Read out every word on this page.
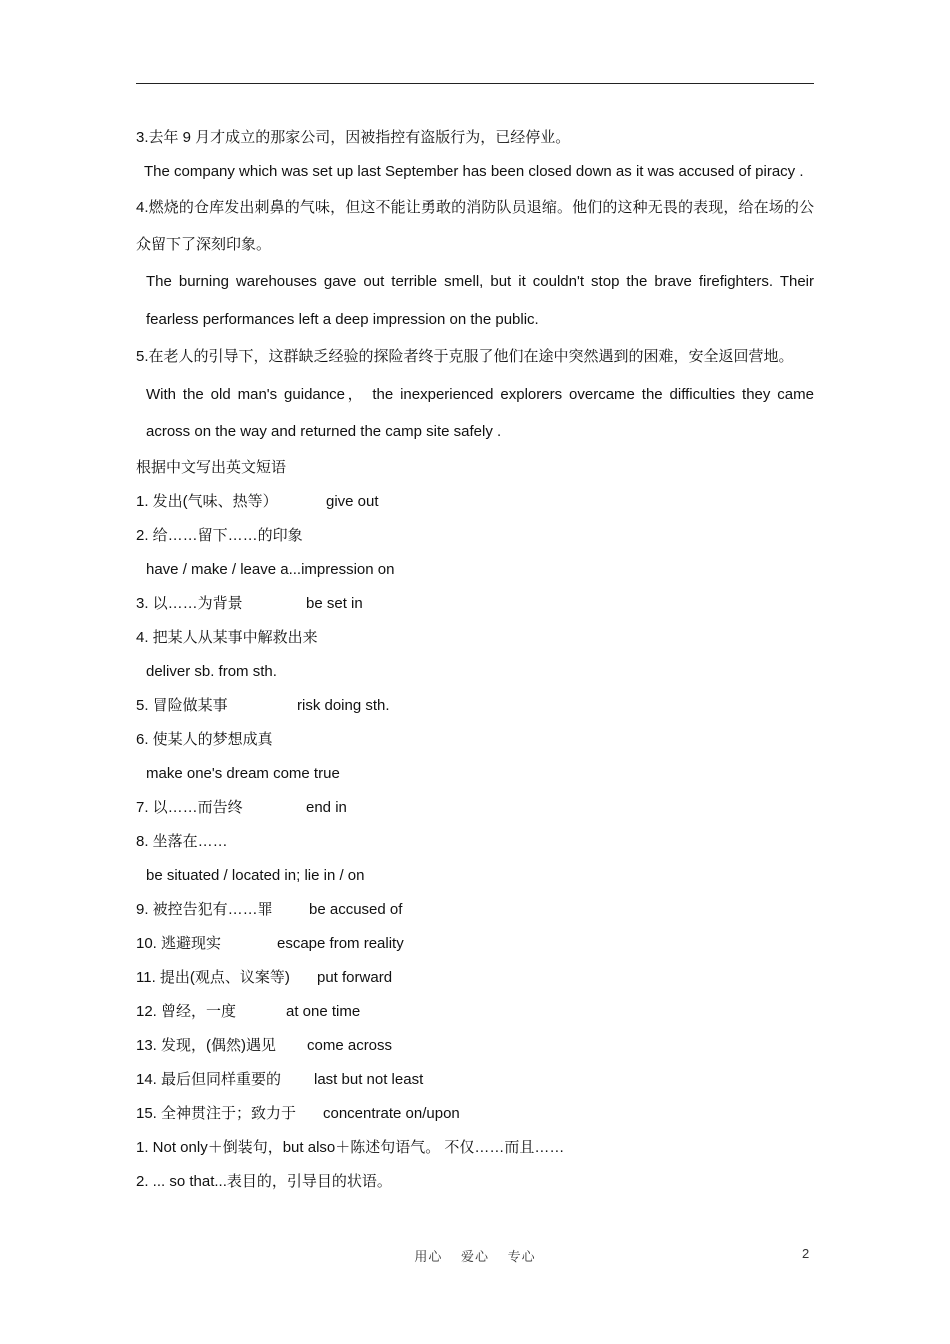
3.去年 9 月才成立的那家公司，因被指控有盗版行为，已经停业。
The company which was set up last September has been closed down as it was accused of piracy .
4.燃烧的仓库发出刺鼻的气味，但这不能让勇敢的消防队员退缩。他们的这种无畏的表现，给在场的公众留下了深刻印象。
The burning warehouses gave out terrible smell, but it couldn't stop the brave firefighters. Their fearless performances left a deep impression on the public.
5.在老人的引导下，这群缺乏经验的探险者终于克服了他们在途中突然遇到的困难，安全返回营地。
With the old man's guidance， the inexperienced explorers overcame the difficulties they came across on the way and returned the camp site safely .
根据中文写出英文短语
1. 发出(气味、热等）	give out
2. 给……留下……的印象
have / make / leave a...impression on
3. 以……为背景	be set in
4. 把某人从某事中解救出来
deliver sb. from sth.
5. 冒险做某事	risk doing sth.
6. 使某人的梦想成真
make one's dream come true
7. 以……而告终	end in
8. 坐落在……
be situated / located in; lie in / on
9. 被控告犯有……罪	be accused of
10. 逃避现实	escape from reality
11. 提出(观点、议案等)	put forward
12. 曾经，一度	at one time
13. 发现，(偶然)遇见	come across
14. 最后但同样重要的	last but not least
15. 全神贯注于；致力于	concentrate on/upon
1. Not only＋倒装句，but also＋陈述句语气。 不仅……而且……
2. ... so that...表目的，引导目的状语。
用心 爱心 专心	2
